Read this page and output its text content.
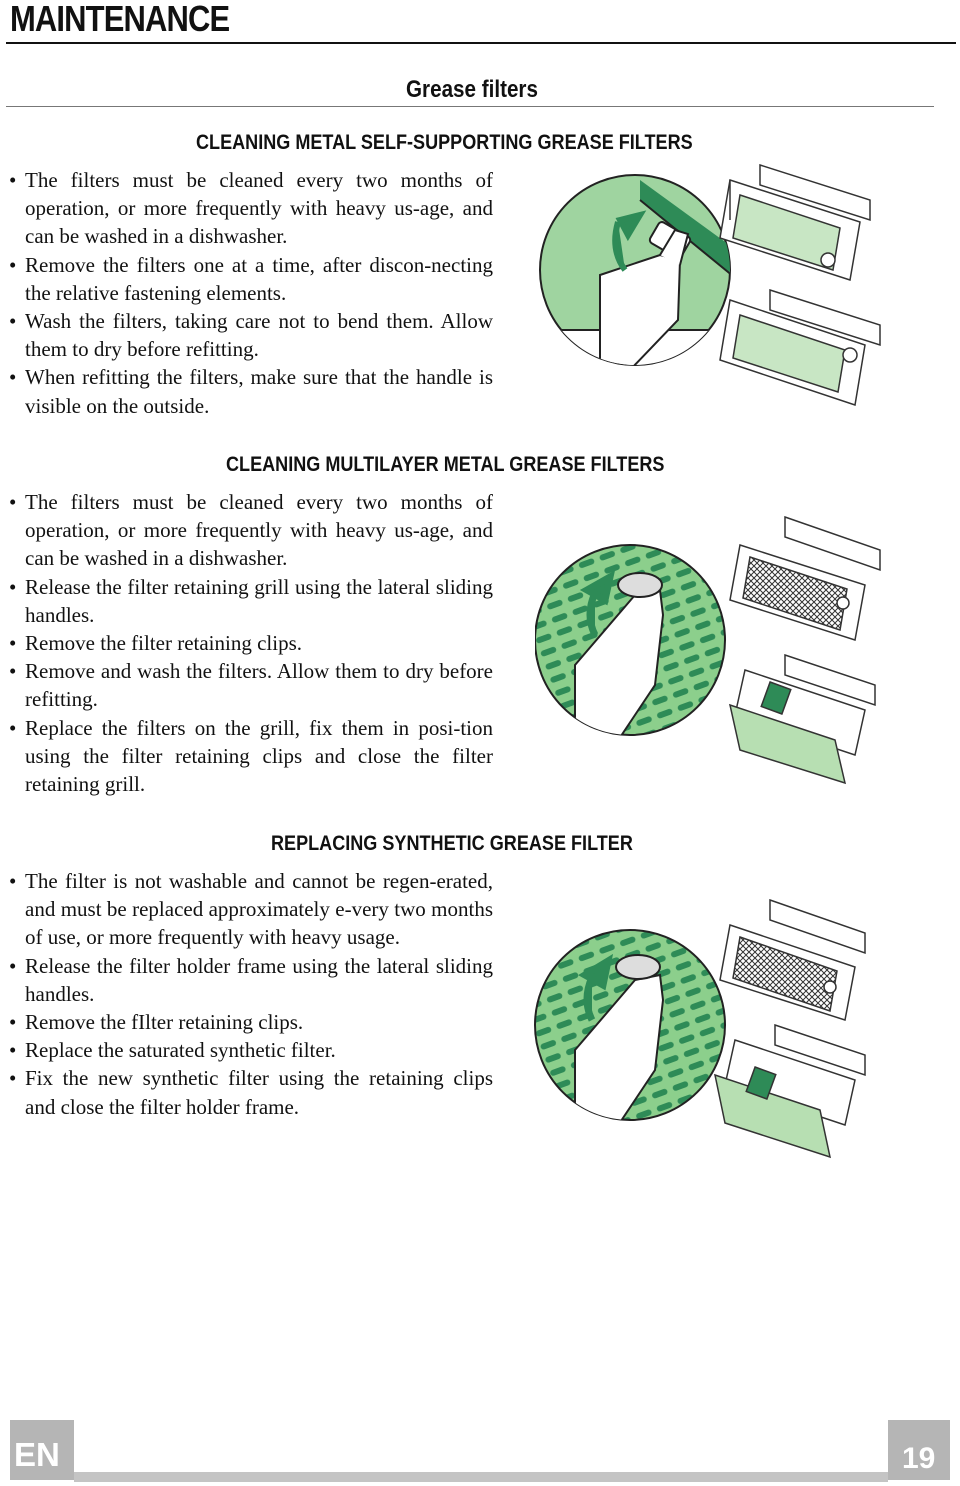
MAINTENANCE
Grease filters
CLEANING METAL SELF-SUPPORTING GREASE FILTERS
• The filters must be cleaned every two months of operation, or more frequently with heavy us-age, and can be washed in a dishwasher.
• Remove the filters one at a time, after discon-necting the relative fastening elements.
• Wash the filters, taking care not to bend them. Allow them to dry before refitting.
• When refitting the filters, make sure that the handle is visible on the outside.
CLEANING MULTILAYER METAL GREASE FILTERS
• The filters must be cleaned every two months of operation, or more frequently with heavy us-age, and can be washed in a dishwasher.
• Release the filter retaining grill using the lateral sliding handles.
• Remove the filter retaining clips.
• Remove and wash the filters. Allow them to dry before refitting.
• Replace the filters on the grill, fix them in posi-tion using the filter retaining clips and close the filter retaining grill.
REPLACING SYNTHETIC GREASE FILTER
• The filter is not washable and cannot be regen-erated, and must be replaced approximately e-very two months of use, or more frequently with heavy usage.
• Release the filter holder frame using the lateral sliding handles.
• Remove the fIlter retaining clips.
• Replace the saturated synthetic filter.
• Fix the new synthetic filter using the retaining clips and close the filter holder frame.
EN	19
